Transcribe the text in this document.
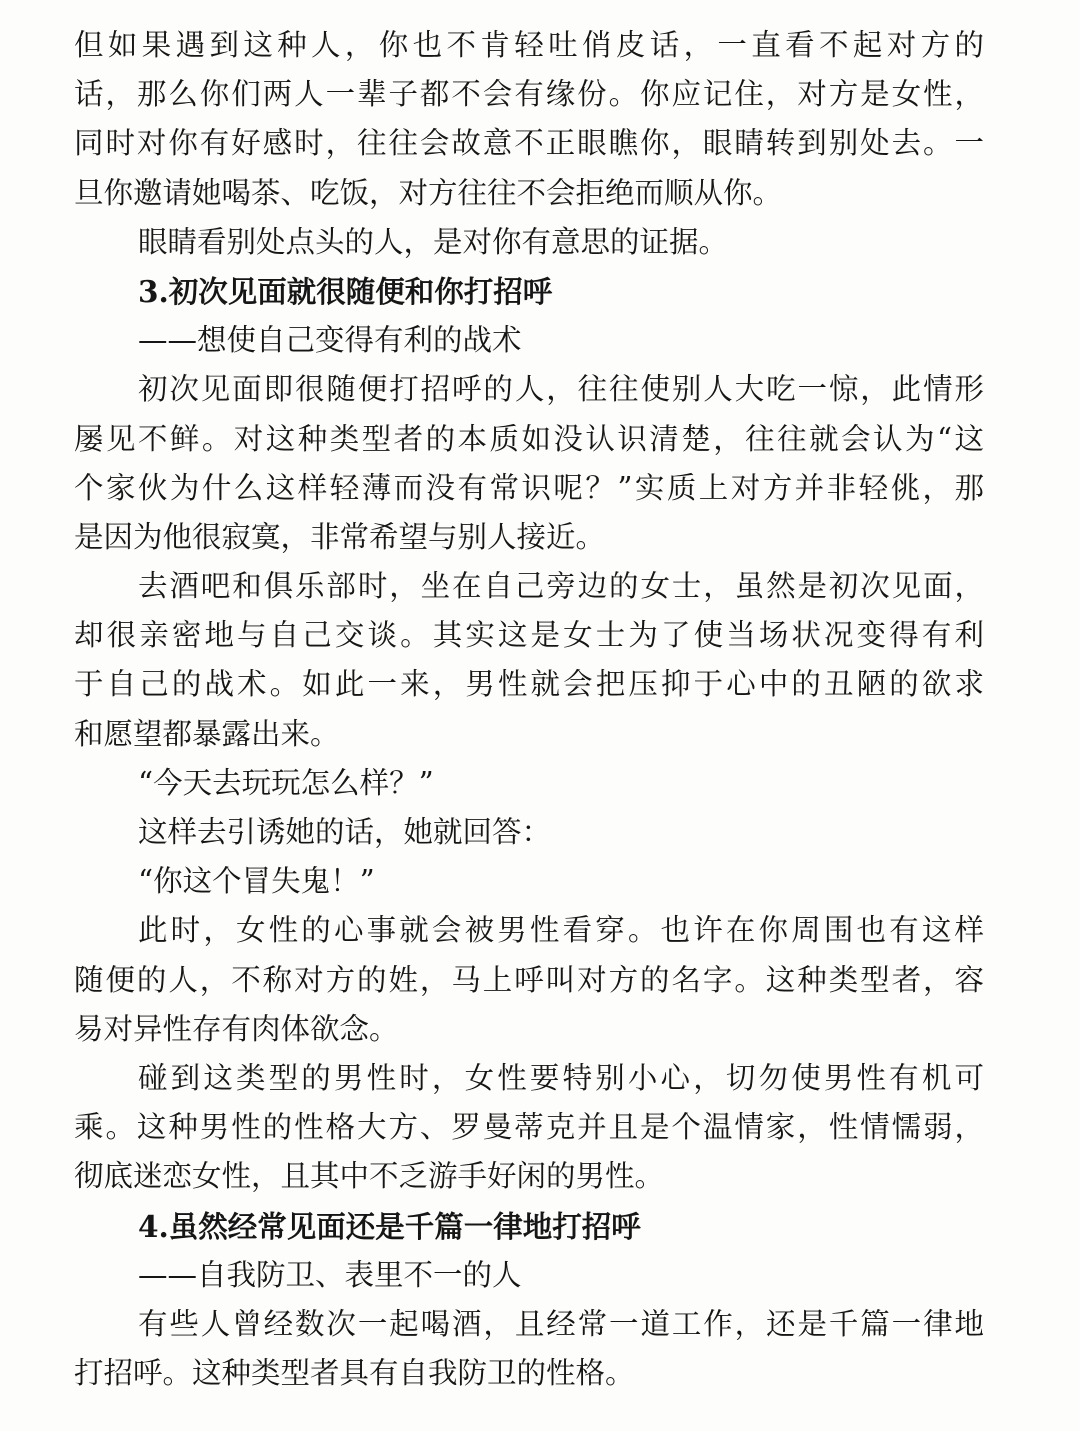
但如果遇到这种人，你也不肯轻吐俏皮话，一直看不起对方的
话，那么你们两人一辈子都不会有缘份。你应记住，对方是女性，
同时对你有好感时，往往会故意不正眼瞧你，眼睛转到别处去。一
旦你邀请她喝茶、吃饭，对方往往不会拒绝而顺从你。
眼睛看别处点头的人，是对你有意思的证据。
3.初次见面就很随便和你打招呼
——想使自己变得有利的战术
初次见面即很随便打招呼的人，往往使别人大吃一惊，此情形
屡见不鲜。对这种类型者的本质如没认识清楚，往往就会认为“这
个家伙为什么这样轻薄而没有常识呢？”实质上对方并非轻佻，那
是因为他很寂寞，非常希望与别人接近。
去酒吧和俱乐部时，坐在自己旁边的女士，虽然是初次见面，
却很亲密地与自己交谈。其实这是女士为了使当场状况变得有利
于自己的战术。如此一来，男性就会把压抑于心中的丑陋的欲求
和愿望都暴露出来。
“今天去玩玩怎么样？”
这样去引诱她的话，她就回答：
“你这个冒失鬼！”
此时，女性的心事就会被男性看穿。也许在你周围也有这样
随便的人，不称对方的姓，马上呼叫对方的名字。这种类型者，容
易对异性存有肉体欲念。
碰到这类型的男性时，女性要特别小心，切勿使男性有机可
乘。这种男性的性格大方、罗曼蒂克并且是个温情家，性情懦弱，
彻底迷恋女性，且其中不乏游手好闲的男性。
4.虽然经常见面还是千篇一律地打招呼
——自我防卫、表里不一的人
有些人曾经数次一起喝酒，且经常一道工作，还是千篇一律地
打招呼。这种类型者具有自我防卫的性格。
